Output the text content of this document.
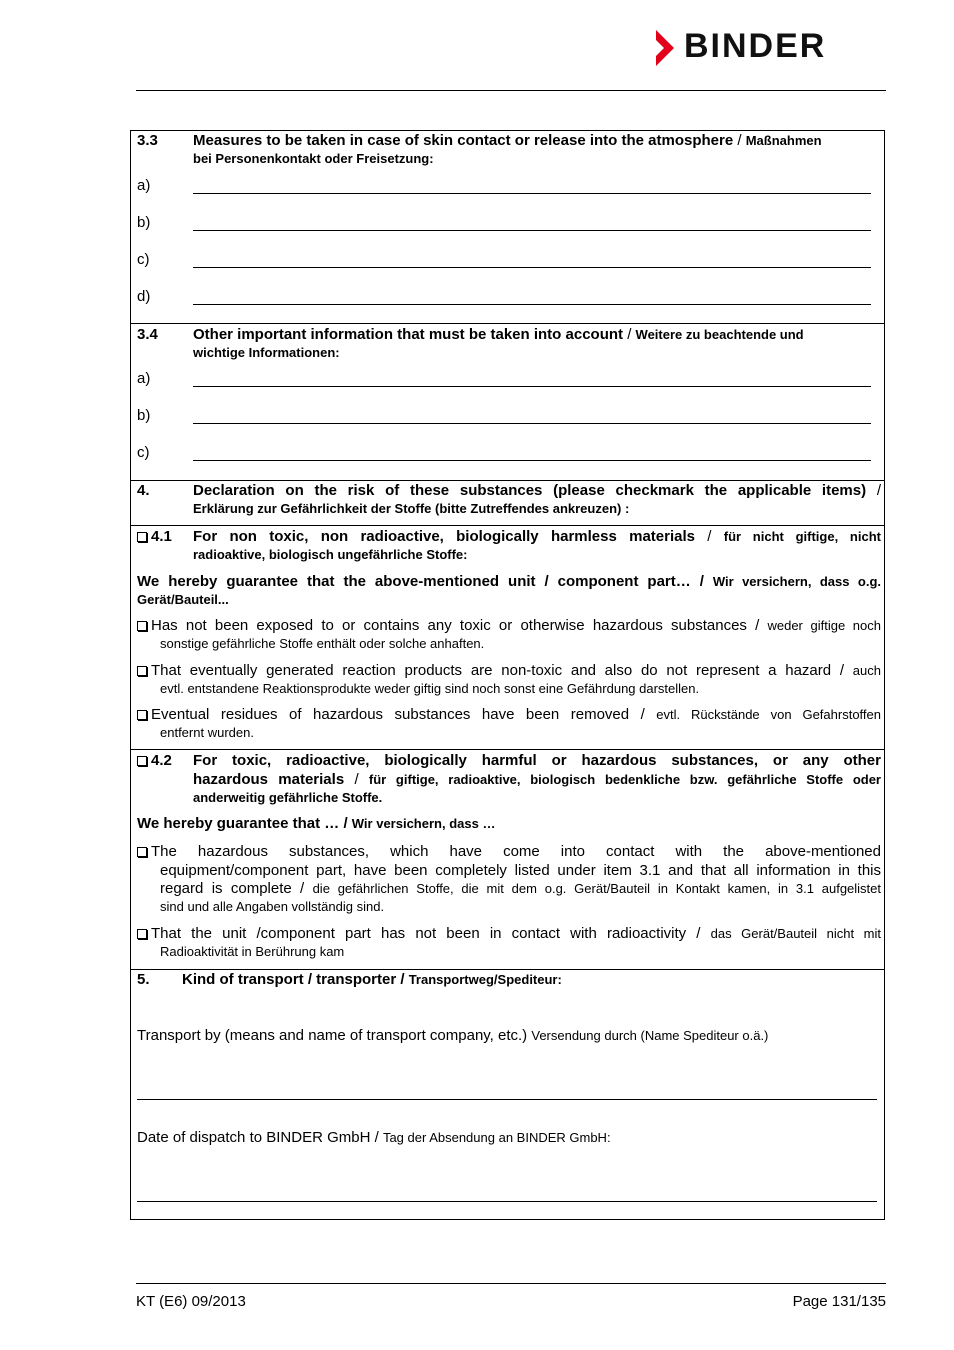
BINDER
3.3 Measures to be taken in case of skin contact or release into the atmosphere / Maßnahmen
bei Personenkontakt oder Freisetzung:
a)
b)
c)
d)
3.4 Other important information that must be taken into account / Weitere zu beachtende und
wichtige Informationen:
a)
b)
c)
4.	Declaration on the risk of these substances (please checkmark the applicable items) /
Erklärung zur Gefährlichkeit der Stoffe (bitte Zutreffendes ankreuzen) :
4.1 For non toxic, non radioactive, biologically harmless materials / für nicht giftige, nicht
radioaktive, biologisch ungefährliche Stoffe:
We hereby guarantee that the above-mentioned unit / component part… / Wir versichern, dass o.g.
Gerät/Bauteil...
Has not been exposed to or contains any toxic or otherwise hazardous substances / weder giftige noch
sonstige gefährliche Stoffe enthält oder solche anhaften.
That eventually generated reaction products are non-toxic and also do not represent a hazard / auch
evtl. entstandene Reaktionsprodukte weder giftig sind noch sonst eine Gefährdung darstellen.
Eventual residues of hazardous substances have been removed / evtl. Rückstände von Gefahrstoffen
entfernt wurden.
4.2 For toxic, radioactive, biologically harmful or hazardous substances, or any other
hazardous materials / für giftige, radioaktive, biologisch bedenkliche bzw. gefährliche Stoffe oder
anderweitig gefährliche Stoffe.
We hereby guarantee that … / Wir versichern, dass …
The hazardous substances, which have come into contact with the above-mentioned
equipment/component part, have been completely listed under item 3.1 and that all information in this
regard is complete / die gefährlichen Stoffe, die mit dem o.g. Gerät/Bauteil in Kontakt kamen, in 3.1 aufgelistet
sind und alle Angaben vollständig sind.
That the unit /component part has not been in contact with radioactivity / das Gerät/Bauteil nicht mit
Radioaktivität in Berührung kam
5. Kind of transport / transporter / Transportweg/Spediteur:
Transport by (means and name of transport company, etc.) Versendung durch (Name Spediteur o.ä.)
Date of dispatch to BINDER GmbH / Tag der Absendung an BINDER GmbH:
KT (E6) 09/2013	Page 131/135
